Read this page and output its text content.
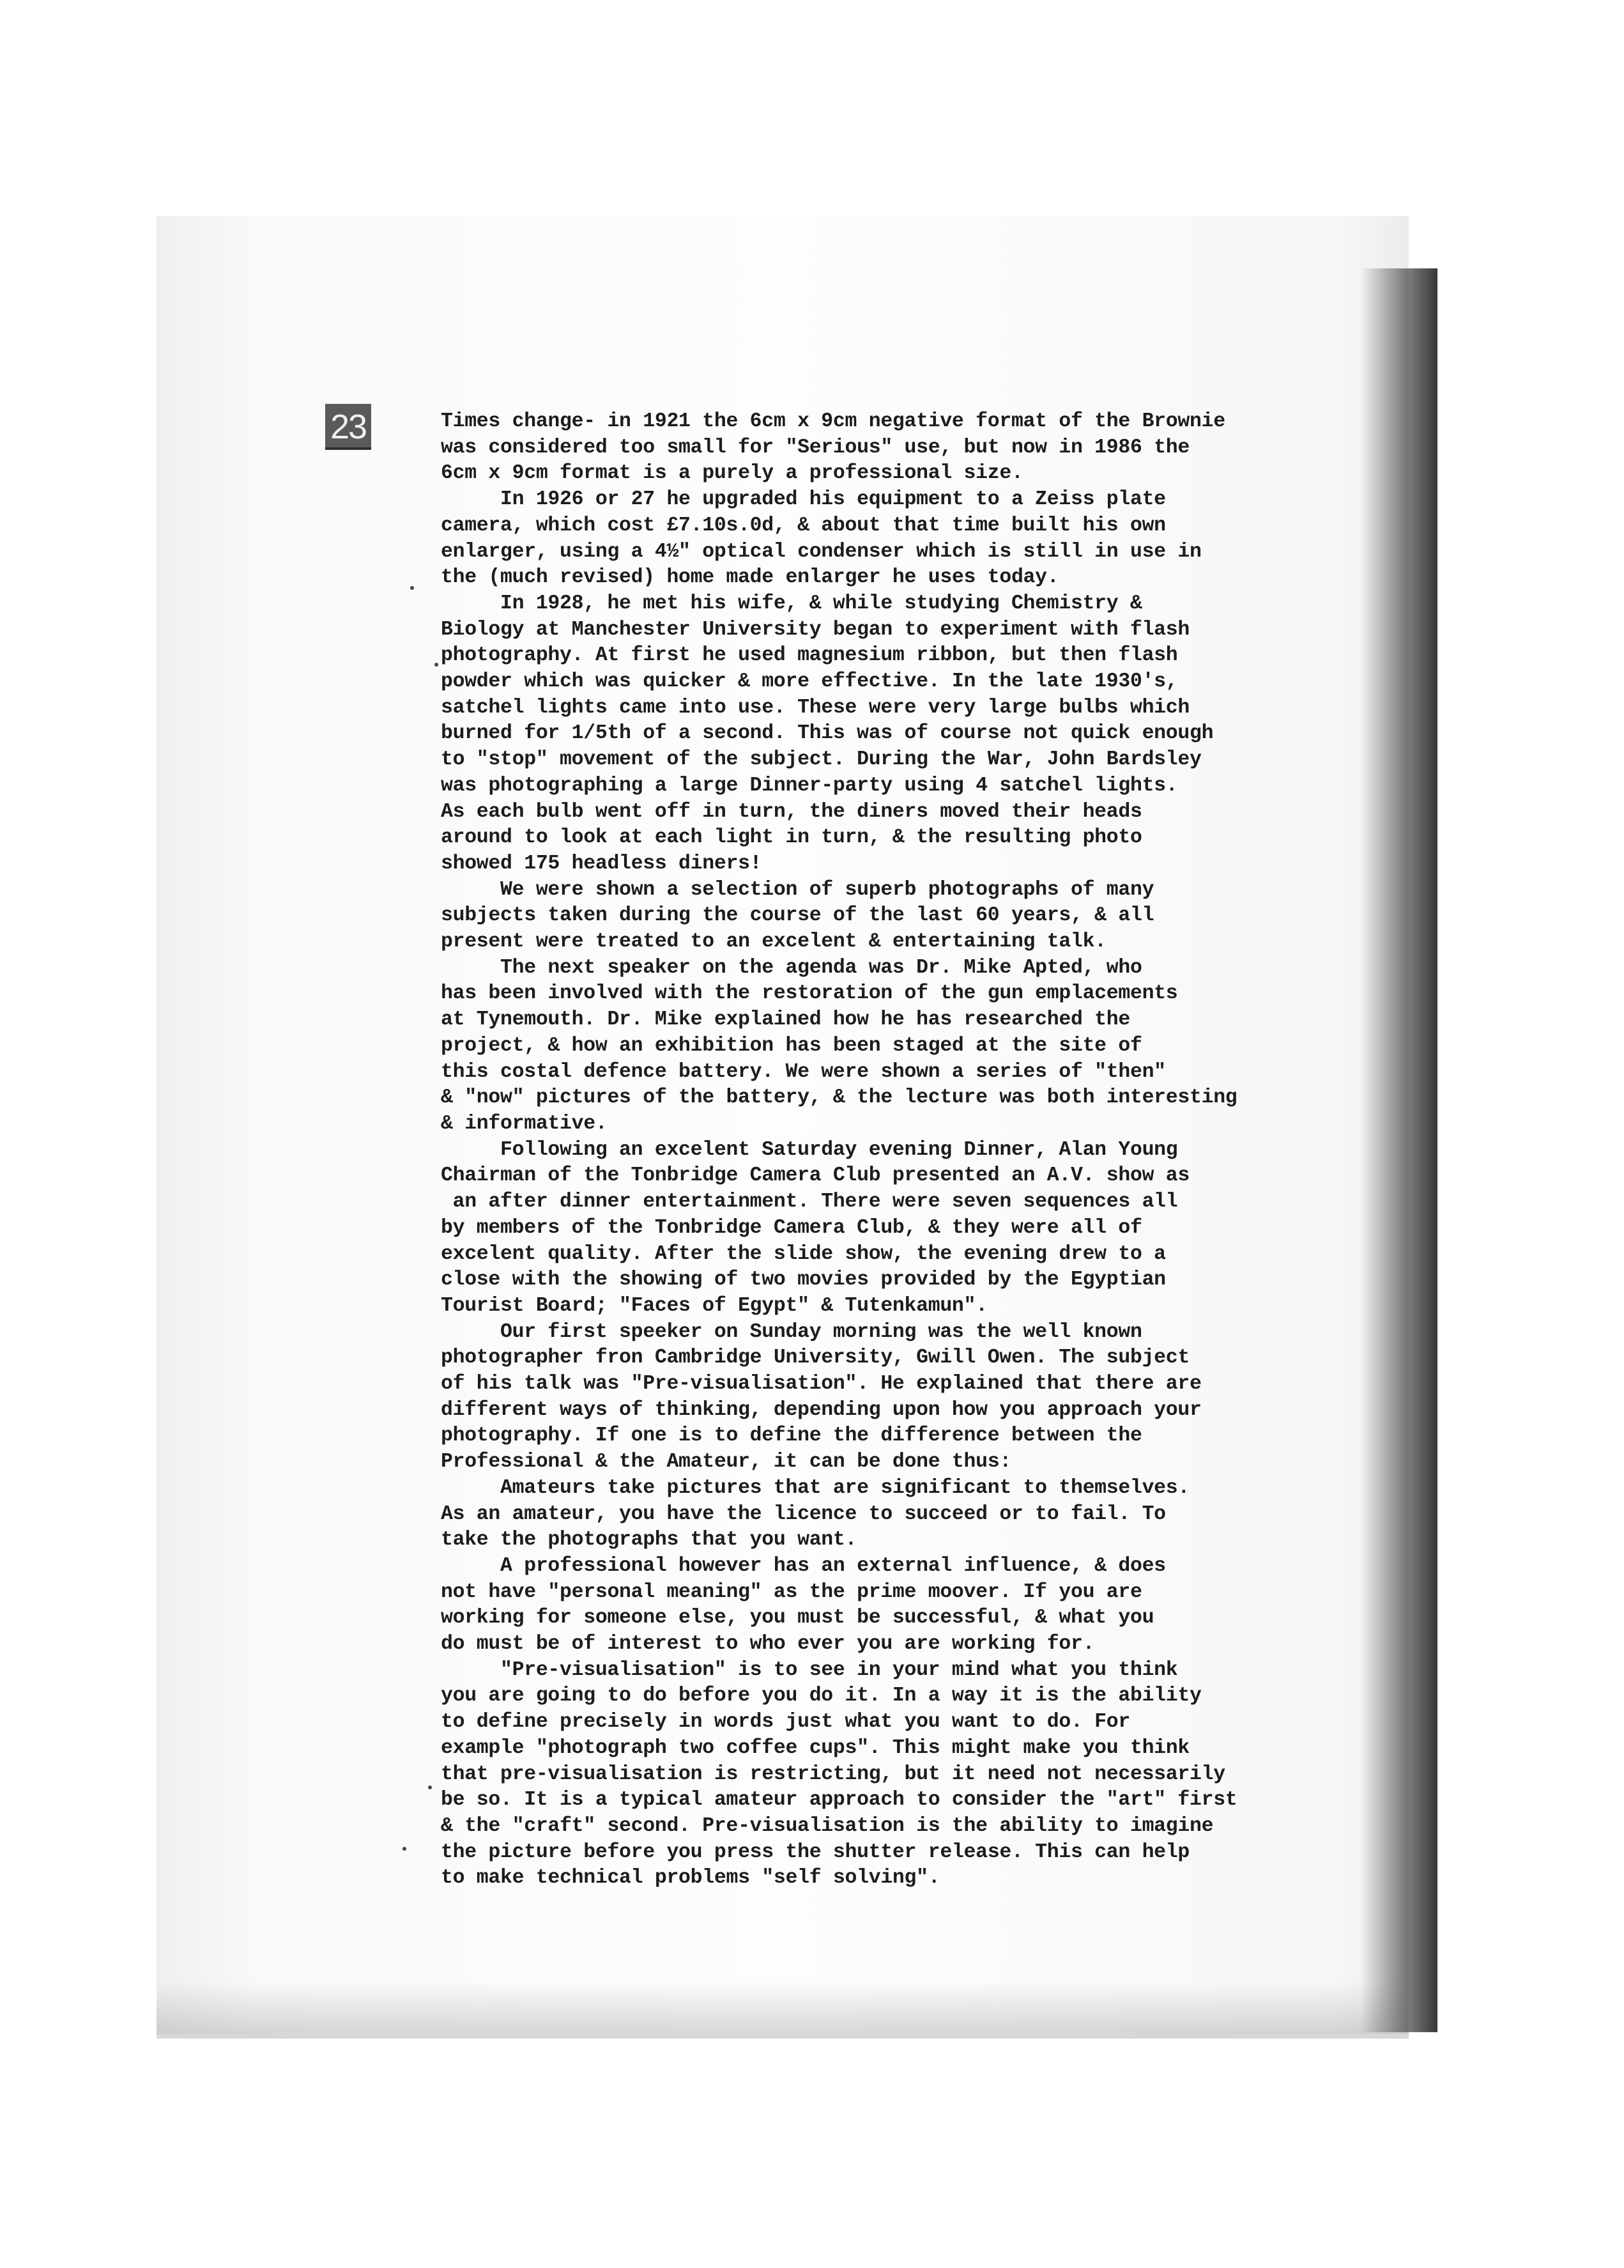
23	Times change- in 1921 the 6cm x 9cm negative format of the Brownie
was considered too small for "Serious" use, but now in 1986 the
6cm x 9cm format is a purely a professional size.
In 1926 or 27 he upgraded his equipment to a Zeiss plate
camera, which cost £7.10s.0d, & about that time built his own
enlarger, using a 4½" optical condenser which is still in use in
the (much revised) home made enlarger he uses today.
In 1928, he met his wife, & while studying Chemistry &
Biology at Manchester University began to experiment with flash
photography. At first he used magnesium ribbon, but then flash
powder which was quicker & more effective. In the late 1930's,
satchel lights came into use. These were very large bulbs which
burned for 1/5th of a second. This was of course not quick enough
to "stop" movement of the subject. During the War, John Bardsley
was photographing a large Dinner-party using 4 satchel lights.
As each bulb went off in turn, the diners moved their heads
around to look at each light in turn, & the resulting photo
showed 175 headless diners!
We were shown a selection of superb photographs of many
subjects taken during the course of the last 60 years, & all
present were treated to an excelent & entertaining talk.
The next speaker on the agenda was Dr. Mike Apted, who
has been involved with the restoration of the gun emplacements
at Tynemouth. Dr. Mike explained how he has researched the
project, & how an exhibition has been staged at the site of
this costal defence battery. We were shown a series of "then"
& "now" pictures of the battery, & the lecture was both interesting
& informative.
Following an excelent Saturday evening Dinner, Alan Young
Chairman of the Tonbridge Camera Club presented an A.V. show as
an after dinner entertainment. There were seven sequences all
by members of the Tonbridge Camera Club, & they were all of
excelent quality. After the slide show, the evening drew to a
close with the showing of two movies provided by the Egyptian
Tourist Board; "Faces of Egypt" & Tutenkamun".
Our first speeker on Sunday morning was the well known
photographer fron Cambridge University, Gwill Owen. The subject
of his talk was "Pre-visualisation". He explained that there are
different ways of thinking, depending upon how you approach your
photography. If one is to define the difference between the
Professional & the Amateur, it can be done thus:
Amateurs take pictures that are significant to themselves.
As an amateur, you have the licence to succeed or to fail. To
take the photographs that you want.
A professional however has an external influence, & does
not have "personal meaning" as the prime moover. If you are
working for someone else, you must be successful, & what you
do must be of interest to who ever you are working for.
"Pre-visualisation" is to see in your mind what you think
you are going to do before you do it. In a way it is the ability
to define precisely in words just what you want to do. For
example "photograph two coffee cups". This might make you think
that pre-visualisation is restricting, but it need not necessarily
be so. It is a typical amateur approach to consider the "art" first
& the "craft" second. Pre-visualisation is the ability to imagine
the picture before you press the shutter release. This can help
to make technical problems "self solving".
